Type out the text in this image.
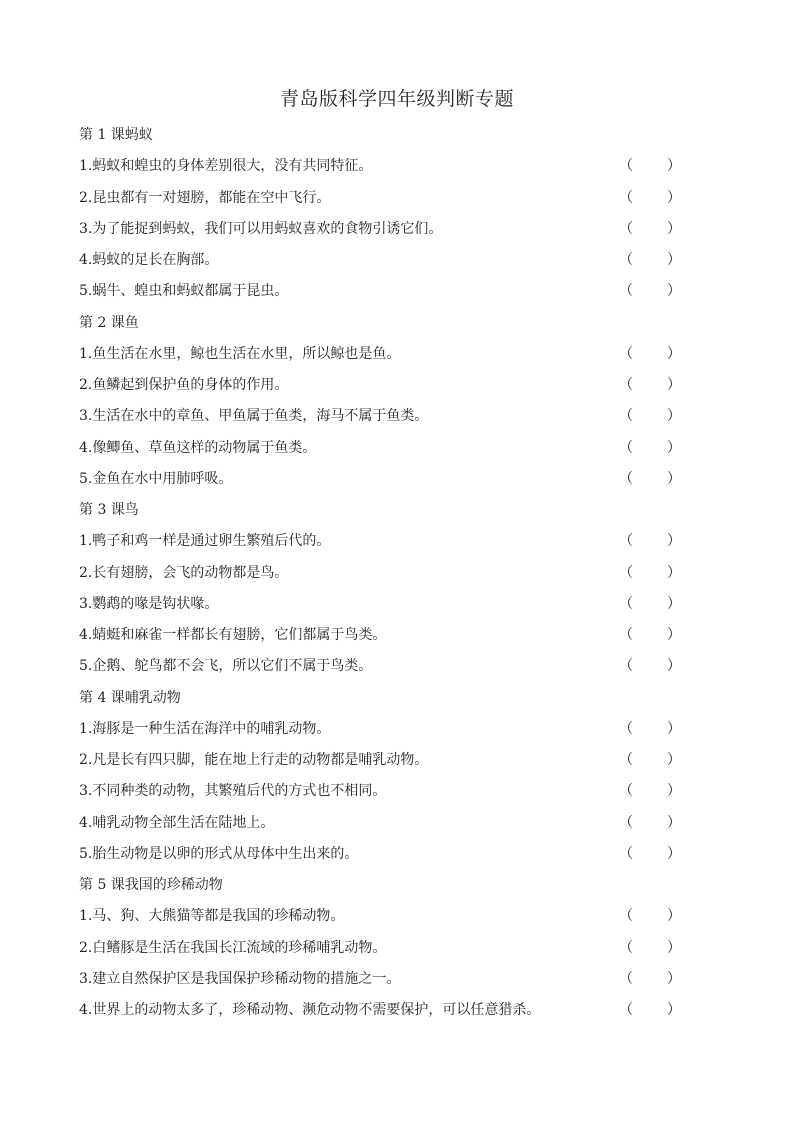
青岛版科学四年级判断专题
第 1 课蚂蚁
1.蚂蚁和蝗虫的身体差别很大，没有共同特征。	（ ）
2.昆虫都有一对翅膀，都能在空中飞行。	（ ）
3.为了能捉到蚂蚁，我们可以用蚂蚁喜欢的食物引诱它们。	（ ）
4.蚂蚁的足长在胸部。	（ ）
5.蜗牛、蝗虫和蚂蚁都属于昆虫。	（ ）
第 2 课鱼
1.鱼生活在水里，鲸也生活在水里，所以鲸也是鱼。	（ ）
2.鱼鳞起到保护鱼的身体的作用。	（ ）
3.生活在水中的章鱼、甲鱼属于鱼类，海马不属于鱼类。	（ ）
4.像鲫鱼、草鱼这样的动物属于鱼类。	（ ）
5.金鱼在水中用肺呼吸。	（ ）
第 3 课鸟
1.鸭子和鸡一样是通过卵生繁殖后代的。	（ ）
2.长有翅膀，会飞的动物都是鸟。	（ ）
3.鹦鹉的喙是钩状喙。	（ ）
4.蜻蜓和麻雀一样都长有翅膀，它们都属于鸟类。	（ ）
5.企鹅、鸵鸟都不会飞，所以它们不属于鸟类。	（ ）
第 4 课哺乳动物
1.海豚是一种生活在海洋中的哺乳动物。	（ ）
2.凡是长有四只脚，能在地上行走的动物都是哺乳动物。	（ ）
3.不同种类的动物，其繁殖后代的方式也不相同。	（ ）
4.哺乳动物全部生活在陆地上。	（ ）
5.胎生动物是以卵的形式从母体中生出来的。	（ ）
第 5 课我国的珍稀动物
1.马、狗、大熊猫等都是我国的珍稀动物。	（ ）
2.白鳍豚是生活在我国长江流域的珍稀哺乳动物。	（ ）
3.建立自然保护区是我国保护珍稀动物的措施之一。	（ ）
4.世界上的动物太多了，珍稀动物、濒危动物不需要保护，可以任意猎杀。	（ ）
